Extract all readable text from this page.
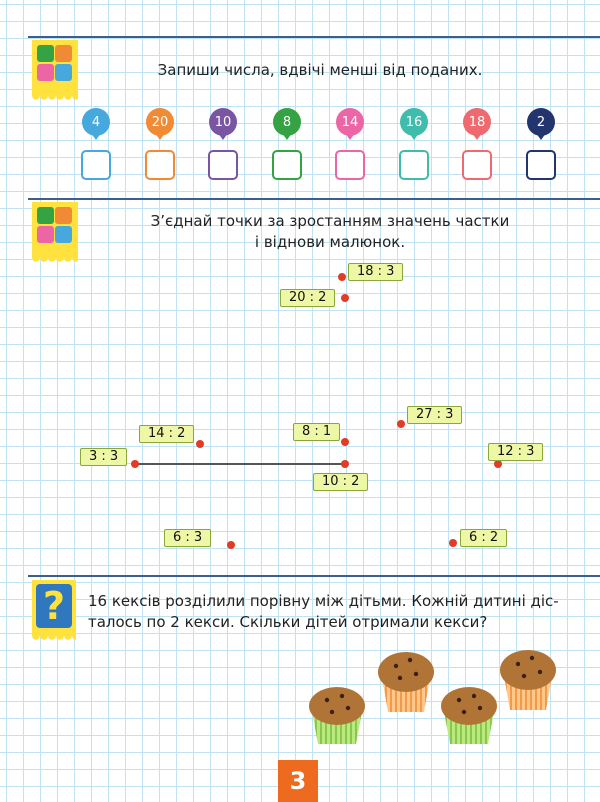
Запиши числа, вдвічі менші від поданих.
4	20	10	8	14	16	18	2
З’єднай точки за зростанням значень частки
і віднови малюнок.
18 : 3
20 : 2
27 : 3
14 : 2	8 : 1
12 : 3
3 : 3
10 : 2
6 : 3	6 : 2
?	16 кексів розділили порівну між дітьми. Кожній дитині дісталось по 2 кекси. Скільки дітей отримали кекси?
3
